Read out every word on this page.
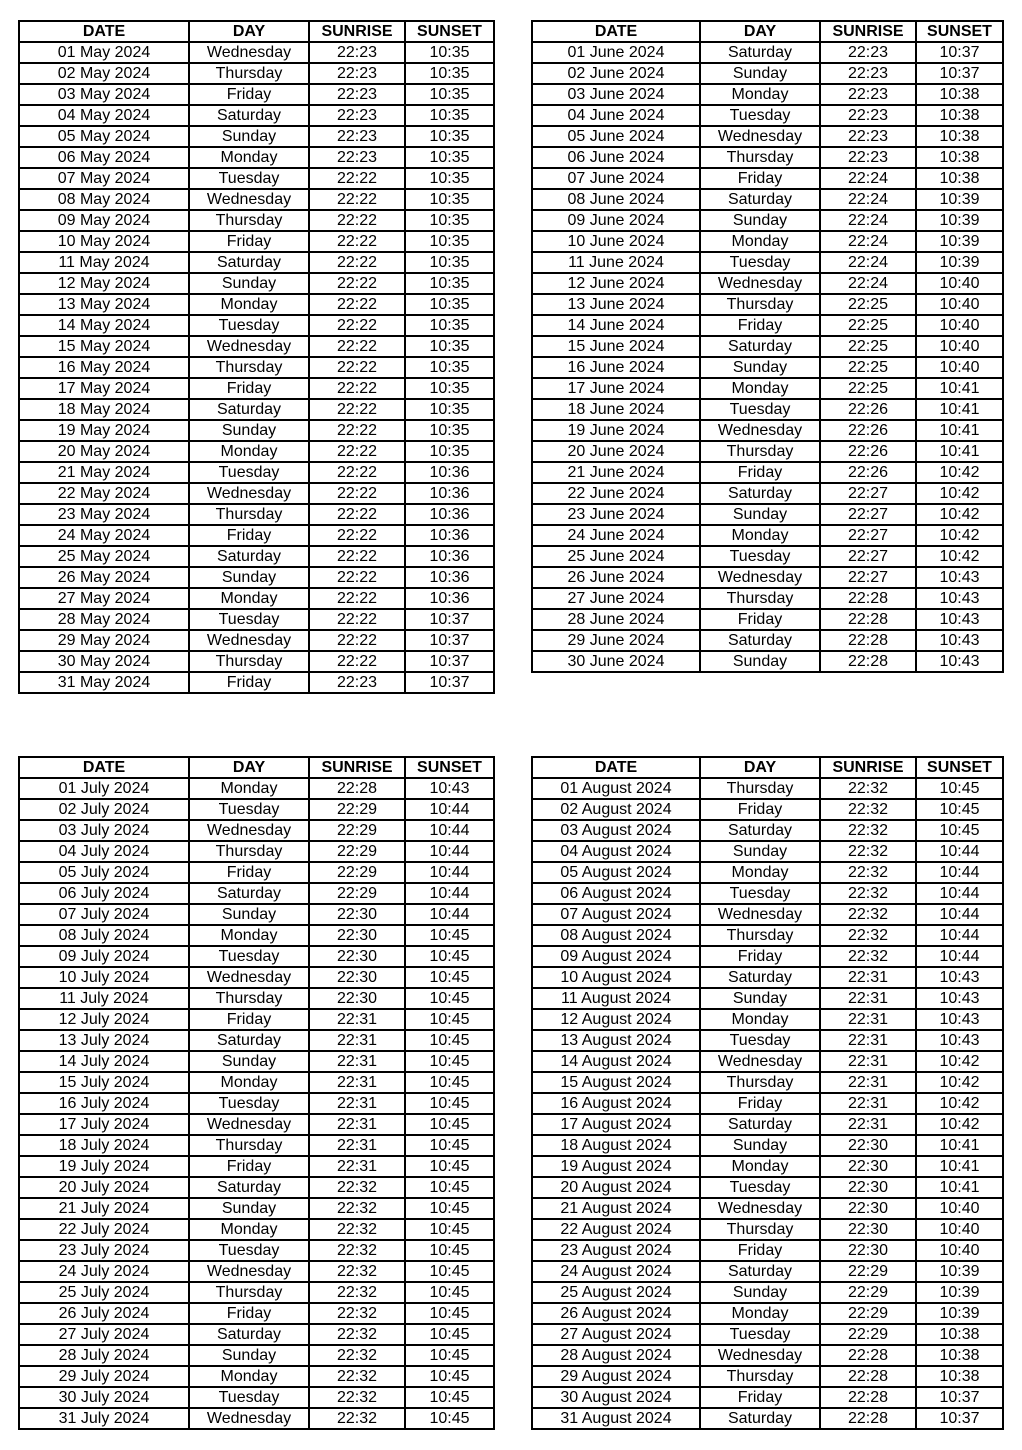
DATE	DAY	SUNRISE	SUNSET
01 May 2024	Wednesday	22:23	10:35
02 May 2024	Thursday	22:23	10:35
03 May 2024	Friday	22:23	10:35
04 May 2024	Saturday	22:23	10:35
05 May 2024	Sunday	22:23	10:35
06 May 2024	Monday	22:23	10:35
07 May 2024	Tuesday	22:22	10:35
08 May 2024	Wednesday	22:22	10:35
09 May 2024	Thursday	22:22	10:35
10 May 2024	Friday	22:22	10:35
11 May 2024	Saturday	22:22	10:35
12 May 2024	Sunday	22:22	10:35
13 May 2024	Monday	22:22	10:35
14 May 2024	Tuesday	22:22	10:35
15 May 2024	Wednesday	22:22	10:35
16 May 2024	Thursday	22:22	10:35
17 May 2024	Friday	22:22	10:35
18 May 2024	Saturday	22:22	10:35
19 May 2024	Sunday	22:22	10:35
20 May 2024	Monday	22:22	10:35
21 May 2024	Tuesday	22:22	10:36
22 May 2024	Wednesday	22:22	10:36
23 May 2024	Thursday	22:22	10:36
24 May 2024	Friday	22:22	10:36
25 May 2024	Saturday	22:22	10:36
26 May 2024	Sunday	22:22	10:36
27 May 2024	Monday	22:22	10:36
28 May 2024	Tuesday	22:22	10:37
29 May 2024	Wednesday	22:22	10:37
30 May 2024	Thursday	22:22	10:37
31 May 2024	Friday	22:23	10:37
DATE	DAY	SUNRISE	SUNSET
01 June 2024	Saturday	22:23	10:37
02 June 2024	Sunday	22:23	10:37
03 June 2024	Monday	22:23	10:38
04 June 2024	Tuesday	22:23	10:38
05 June 2024	Wednesday	22:23	10:38
06 June 2024	Thursday	22:23	10:38
07 June 2024	Friday	22:24	10:38
08 June 2024	Saturday	22:24	10:39
09 June 2024	Sunday	22:24	10:39
10 June 2024	Monday	22:24	10:39
11 June 2024	Tuesday	22:24	10:39
12 June 2024	Wednesday	22:24	10:40
13 June 2024	Thursday	22:25	10:40
14 June 2024	Friday	22:25	10:40
15 June 2024	Saturday	22:25	10:40
16 June 2024	Sunday	22:25	10:40
17 June 2024	Monday	22:25	10:41
18 June 2024	Tuesday	22:26	10:41
19 June 2024	Wednesday	22:26	10:41
20 June 2024	Thursday	22:26	10:41
21 June 2024	Friday	22:26	10:42
22 June 2024	Saturday	22:27	10:42
23 June 2024	Sunday	22:27	10:42
24 June 2024	Monday	22:27	10:42
25 June 2024	Tuesday	22:27	10:42
26 June 2024	Wednesday	22:27	10:43
27 June 2024	Thursday	22:28	10:43
28 June 2024	Friday	22:28	10:43
29 June 2024	Saturday	22:28	10:43
30 June 2024	Sunday	22:28	10:43
DATE	DAY	SUNRISE	SUNSET
01 July 2024	Monday	22:28	10:43
02 July 2024	Tuesday	22:29	10:44
03 July 2024	Wednesday	22:29	10:44
04 July 2024	Thursday	22:29	10:44
05 July 2024	Friday	22:29	10:44
06 July 2024	Saturday	22:29	10:44
07 July 2024	Sunday	22:30	10:44
08 July 2024	Monday	22:30	10:45
09 July 2024	Tuesday	22:30	10:45
10 July 2024	Wednesday	22:30	10:45
11 July 2024	Thursday	22:30	10:45
12 July 2024	Friday	22:31	10:45
13 July 2024	Saturday	22:31	10:45
14 July 2024	Sunday	22:31	10:45
15 July 2024	Monday	22:31	10:45
16 July 2024	Tuesday	22:31	10:45
17 July 2024	Wednesday	22:31	10:45
18 July 2024	Thursday	22:31	10:45
19 July 2024	Friday	22:31	10:45
20 July 2024	Saturday	22:32	10:45
21 July 2024	Sunday	22:32	10:45
22 July 2024	Monday	22:32	10:45
23 July 2024	Tuesday	22:32	10:45
24 July 2024	Wednesday	22:32	10:45
25 July 2024	Thursday	22:32	10:45
26 July 2024	Friday	22:32	10:45
27 July 2024	Saturday	22:32	10:45
28 July 2024	Sunday	22:32	10:45
29 July 2024	Monday	22:32	10:45
30 July 2024	Tuesday	22:32	10:45
31 July 2024	Wednesday	22:32	10:45
DATE	DAY	SUNRISE	SUNSET
01 August 2024	Thursday	22:32	10:45
02 August 2024	Friday	22:32	10:45
03 August 2024	Saturday	22:32	10:45
04 August 2024	Sunday	22:32	10:44
05 August 2024	Monday	22:32	10:44
06 August 2024	Tuesday	22:32	10:44
07 August 2024	Wednesday	22:32	10:44
08 August 2024	Thursday	22:32	10:44
09 August 2024	Friday	22:32	10:44
10 August 2024	Saturday	22:31	10:43
11 August 2024	Sunday	22:31	10:43
12 August 2024	Monday	22:31	10:43
13 August 2024	Tuesday	22:31	10:43
14 August 2024	Wednesday	22:31	10:42
15 August 2024	Thursday	22:31	10:42
16 August 2024	Friday	22:31	10:42
17 August 2024	Saturday	22:31	10:42
18 August 2024	Sunday	22:30	10:41
19 August 2024	Monday	22:30	10:41
20 August 2024	Tuesday	22:30	10:41
21 August 2024	Wednesday	22:30	10:40
22 August 2024	Thursday	22:30	10:40
23 August 2024	Friday	22:30	10:40
24 August 2024	Saturday	22:29	10:39
25 August 2024	Sunday	22:29	10:39
26 August 2024	Monday	22:29	10:39
27 August 2024	Tuesday	22:29	10:38
28 August 2024	Wednesday	22:28	10:38
29 August 2024	Thursday	22:28	10:38
30 August 2024	Friday	22:28	10:37
31 August 2024	Saturday	22:28	10:37
